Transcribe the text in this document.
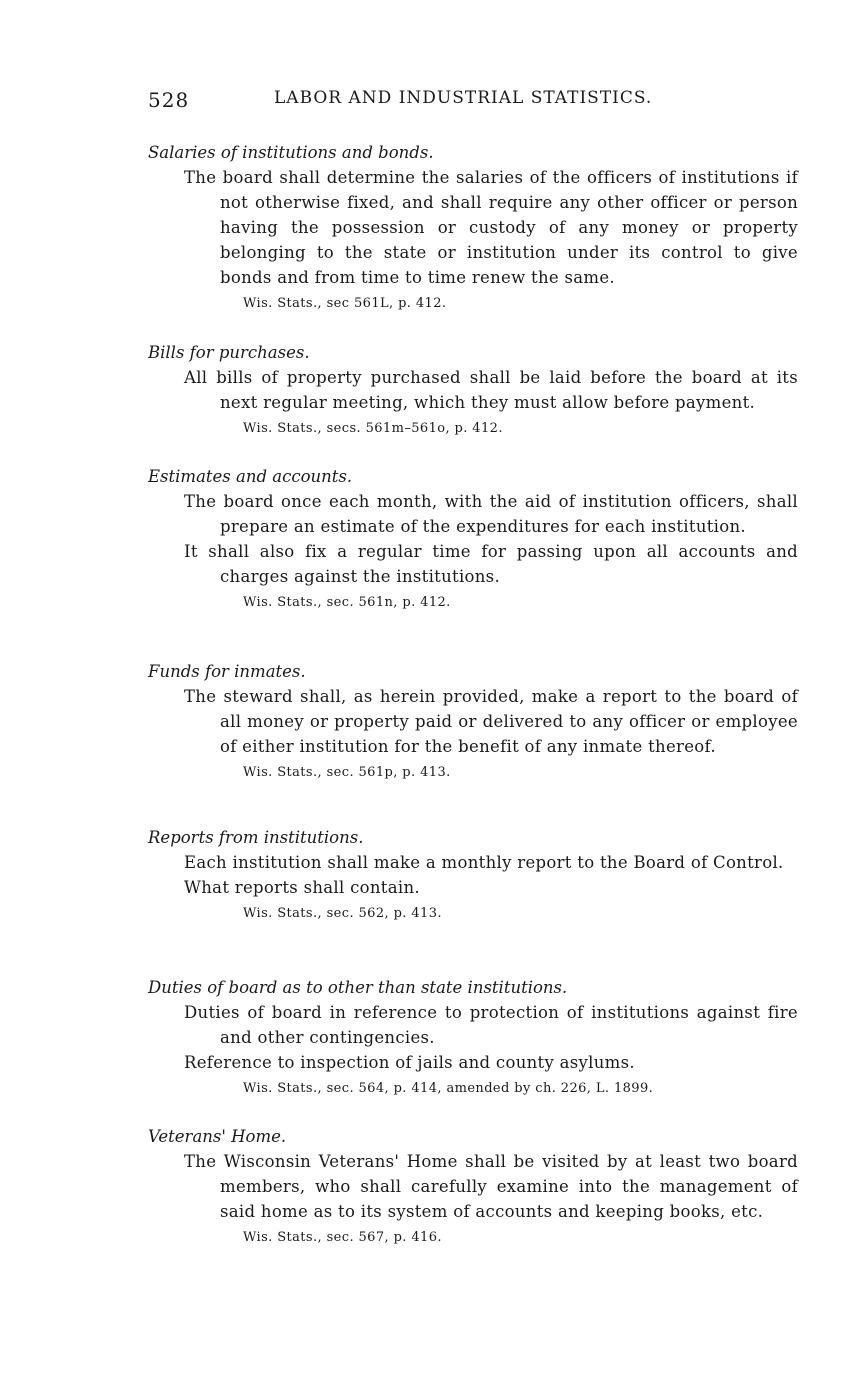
528	LABOR AND INDUSTRIAL STATISTICS.

Salaries of institutions and bonds.

The board shall determine the salaries of the officers of institutions if not otherwise fixed, and shall require any other officer or person having the possession or custody of any money or property belonging to the state or institution under its control to give bonds and from time to time renew the same.

Wis. Stats., sec 561L, p. 412.

Bills for purchases.

All bills of property purchased shall be laid before the board at its next regular meeting, which they must allow before payment.

Wis. Stats., secs. 561m–561o, p. 412.

Estimates and accounts.

The board once each month, with the aid of institution officers, shall prepare an estimate of the expenditures for each institution.

It shall also fix a regular time for passing upon all accounts and charges against the institutions.

Wis. Stats., sec. 561n, p. 412.

Funds for inmates.

The steward shall, as herein provided, make a report to the board of all money or property paid or delivered to any officer or employee of either institution for the benefit of any inmate thereof.

Wis. Stats., sec. 561p, p. 413.

Reports from institutions.

Each institution shall make a monthly report to the Board of Control.

What reports shall contain.

Wis. Stats., sec. 562, p. 413.

Duties of board as to other than state institutions.

Duties of board in reference to protection of institutions against fire and other contingencies.

Reference to inspection of jails and county asylums.

Wis. Stats., sec. 564, p. 414, amended by ch. 226, L. 1899.

Veterans' Home.

The Wisconsin Veterans' Home shall be visited by at least two board members, who shall carefully examine into the management of said home as to its system of accounts and keeping books, etc.

Wis. Stats., sec. 567, p. 416.
